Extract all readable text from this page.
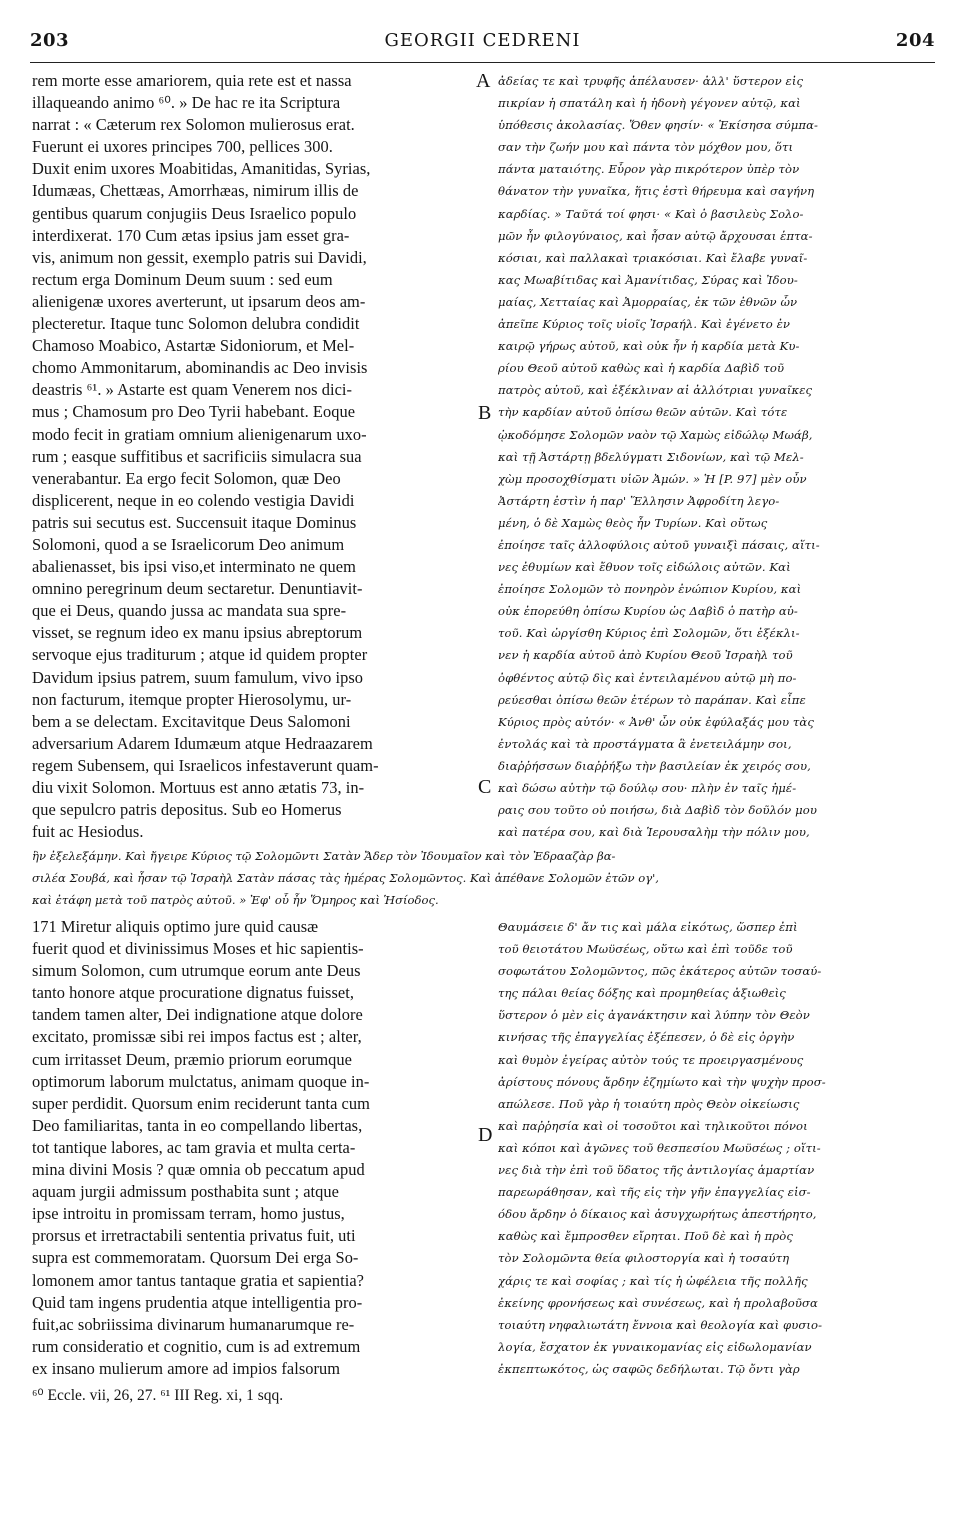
203	GEORGII CEDRENI	204
rem morte esse amariorem, quia rete est et nassa
illaqueando animo ⁶⁰. » De hac re ita Scriptura
narrat : « Cæterum rex Solomon mulierosus erat.
Fuerunt ei uxores principes 700, pellices 300.
Duxit enim uxores Moabitidas, Amanitidas, Syrias,
Idumæas, Chettæas, Amorrhæas, nimirum illis de
gentibus quarum conjugiis Deus Israelico populo
interdixerat. 170 Cum ætas ipsius jam esset gra-
vis, animum non gessit, exemplo patris sui Davidi,
rectum erga Dominum Deum suum : sed eum
alienigenæ uxores averterunt, ut ipsarum deos am-
plecteretur. Itaque tunc Solomon delubra condidit
Chamoso Moabico, Astartæ Sidoniorum, et Mel-
chomo Ammonitarum, abominandis ac Deo invisis
deastris ⁶¹. » Astarte est quam Venerem nos dici-
mus ; Chamosum pro Deo Tyrii habebant. Eoque
modo fecit in gratiam omnium alienigenarum uxo-
rum ; easque suffitibus et sacrificiis simulacra sua
venerabantur. Ea ergo fecit Solomon, quæ Deo
displicerent, neque in eo colendo vestigia Davidi
patris sui secutus est. Succensuit itaque Dominus
Solomoni, quod a se Israelicorum Deo animum
abalienasset, bis ipsi viso,et interminato ne quem
omnino peregrinum deum sectaretur. Denuntiavit-
que ei Deus, quando jussa ac mandata sua spre-
visset, se regnum ideo ex manu ipsius abreptorum
servoque ejus traditurum ; atque id quidem propter
Davidum ipsius patrem, suum famulum, vivo ipso
non facturum, itemque propter Hierosolymu, ur-
bem a se delectam. Excitavitque Deus Salomoni
adversarium Adarem Idumæum atque Hedraazarem
regem Subensem, qui Israelicos infestaverunt quam-
diu vixit Solomon. Mortuus est anno ætatis 73, in-
que sepulcro patris depositus. Sub eo Homerus
fuit ac Hesiodus.
ἀδείας τε καὶ τρυφῆς ἀπέλαυσεν· ἀλλ' ὕστερον εἰς
πικρίαν ἡ σπατάλη καὶ ἡ ἡδονὴ γέγονεν αὐτῷ, καὶ
ὑπόθεσις ἀκολασίας. Ὅθεν φησίν· « Ἐκίσησα σύμπα-
σαν τὴν ζωήν μου καὶ πάντα τὸν μόχθον μου, ὅτι
πάντα ματαιότης. Εὗρον γὰρ πικρότερον ὑπὲρ τὸν
θάνατον τὴν γυναῖκα, ἥτις ἐστὶ θήρευμα καὶ σαγήνη
καρδίας. » Ταῦτά τοί φησι· « Καὶ ὁ βασιλεὺς Σολο-
μῶν ἦν φιλογύναιος, καὶ ἦσαν αὐτῷ ἄρχουσαι ἑπτα-
κόσιαι, καὶ παλλακαὶ τριακόσιαι. Καὶ ἔλαβε γυναῖ-
κας Μωαβίτιδας καὶ Ἀμανίτιδας, Σύρας καὶ Ἰδου-
μαίας, Χετταίας καὶ Ἀμορραίας, ἐκ τῶν ἐθνῶν ὧν
ἀπεῖπε Κύριος τοῖς υἱοῖς Ἰσραήλ. Καὶ ἐγένετο ἐν
καιρῷ γήρως αὐτοῦ, καὶ οὐκ ἦν ἡ καρδία μετὰ Κυ-
ρίου Θεοῦ αὐτοῦ καθὼς καὶ ἡ καρδία Δαβὶδ τοῦ
πατρὸς αὐτοῦ, καὶ ἐξέκλιναν αἱ ἀλλότριαι γυναῖκες
τὴν καρδίαν αὐτοῦ ὀπίσω θεῶν αὐτῶν. Καὶ τότε
ᾠκοδόμησε Σολομῶν ναὸν τῷ Χαμὼς εἰδώλῳ Μωάβ,
καὶ τῇ Ἀστάρτῃ βδελύγματι Σιδονίων, καὶ τῷ Μελ-
χὼμ προσοχθίσματι υἱῶν Ἀμών. » Ἡ [P. 97] μὲν οὖν
Ἀστάρτη ἐστὶν ἡ παρ' Ἕλλησιν Ἀφροδίτη λεγο-
μένη, ὁ δὲ Χαμὼς θεὸς ἦν Τυρίων. Καὶ οὕτως
ἐποίησε ταῖς ἀλλοφύλοις αὐτοῦ γυναιξὶ πάσαις, αἵτι-
νες ἐθυμίων καὶ ἔθυον τοῖς εἰδώλοις αὐτῶν. Καὶ
ἐποίησε Σολομῶν τὸ πονηρὸν ἐνώπιον Κυρίου, καὶ
οὐκ ἐπορεύθη ὀπίσω Κυρίου ὡς Δαβὶδ ὁ πατὴρ αὐ-
τοῦ. Καὶ ὠργίσθη Κύριος ἐπὶ Σολομῶν, ὅτι ἐξέκλι-
νεν ἡ καρδία αὐτοῦ ἀπὸ Κυρίου Θεοῦ Ἰσραὴλ τοῦ
ὀφθέντος αὐτῷ δὶς καὶ ἐντειλαμένου αὐτῷ μὴ πο-
ρεύεσθαι ὀπίσω θεῶν ἑτέρων τὸ παράπαν. Καὶ εἶπε
Κύριος πρὸς αὐτόν· « Ἀνθ' ὧν οὐκ ἐφύλαξάς μου τὰς
ἐντολάς καὶ τὰ προστάγματα ἃ ἐνετειλάμην σοι,
διαῤῥήσσων διαῤῥήξω τὴν βασιλείαν ἐκ χειρός σου,
καὶ δώσω αὐτὴν τῷ δούλῳ σου· πλὴν ἐν ταῖς ἡμέ-
ραις σου τοῦτο οὐ ποιήσω, διὰ Δαβὶδ τὸν δοῦλόν μου
καὶ πατέρα σου, καὶ διὰ Ἱερουσαλὴμ τὴν πόλιν μου,
A
B
C
D
ἣν ἐξελεξάμην. Καὶ ἤγειρε Κύριος τῷ Σολομῶντι Σατὰν Ἄδερ τὸν Ἰδουμαῖον καὶ τὸν Ἐδρααζὰρ βα-
σιλέα Σουβά, καὶ ἦσαν τῷ Ἰσραὴλ Σατὰν πάσας τὰς ἡμέρας Σολομῶντος. Καὶ ἀπέθανε Σολομῶν ἐτῶν ογ',
καὶ ἐτάφη μετὰ τοῦ πατρὸς αὐτοῦ. » Ἐφ' οὗ ἦν Ὅμηρος καὶ Ἡσίοδος.
171 Miretur aliquis optimo jure quid causæ
fuerit quod et divinissimus Moses et hic sapientis-
simum Solomon, cum utrumque eorum ante Deus
tanto honore atque procuratione dignatus fuisset,
tandem tamen alter, Dei indignatione atque dolore
excitato, promissæ sibi rei impos factus est ; alter,
cum irritasset Deum, præmio priorum eorumque
optimorum laborum mulctatus, animam quoque in-
super perdidit. Quorsum enim reciderunt tanta cum
Deo familiaritas, tanta in eo compellando libertas,
tot tantique labores, ac tam gravia et multa certa-
mina divini Mosis ? quæ omnia ob peccatum apud
aquam jurgii admissum posthabita sunt ; atque
ipse introitu in promissam terram, homo justus,
prorsus et irretractabili sententia privatus fuit, uti
supra est commemoratam. Quorsum Dei erga So-
lomonem amor tantus tantaque gratia et sapientia?
Quid tam ingens prudentia atque intelligentia pro-
fuit,ac sobriissima divinarum humanarumque re-
rum consideratio et cognitio, cum is ad extremum
ex insano mulierum amore ad impios falsorum
Θαυμάσειε δ' ἄν τις καὶ μάλα εἰκότως, ὥσπερ ἐπὶ
τοῦ θειοτάτου Μωϋσέως, οὕτω καὶ ἐπὶ τοῦδε τοῦ
σοφωτάτου Σολομῶντος, πῶς ἑκάτερος αὐτῶν τοσαύ-
της πάλαι θείας δόξης καὶ προμηθείας ἀξιωθεὶς
ὕστερον ὁ μὲν εἰς ἀγανάκτησιν καὶ λύπην τὸν Θεὸν
κινήσας τῆς ἐπαγγελίας ἐξέπεσεν, ὁ δὲ εἰς ὀργὴν
καὶ θυμὸν ἐγείρας αὐτὸν τούς τε προειργασμένους
ἀρίστους πόνους ἄρδην ἐζημίωτο καὶ τὴν ψυχὴν προσ-
απώλεσε. Ποῦ γὰρ ἡ τοιαύτη πρὸς Θεὸν οἰκείωσις
καὶ παῤῥησία καὶ οἱ τοσοῦτοι καὶ τηλικοῦτοι πόνοι
καὶ κόποι καὶ ἀγῶνες τοῦ θεσπεσίου Μωϋσέως ; οἵτι-
νες διὰ τὴν ἐπὶ τοῦ ὕδατος τῆς ἀντιλογίας ἁμαρτίαν
παρεωράθησαν, καὶ τῆς εἰς τὴν γῆν ἐπαγγελίας εἰσ-
όδου ἄρδην ὁ δίκαιος καὶ ἀσυγχωρήτως ἀπεστήρητο,
καθὼς καὶ ἔμπροσθεν εἴρηται. Ποῦ δὲ καὶ ἡ πρὸς
τὸν Σολομῶντα θεία φιλοστοργία καὶ ἡ τοσαύτη
χάρις τε καὶ σοφίας ; καὶ τίς ἡ ὠφέλεια τῆς πολλῆς
ἐκείνης φρονήσεως καὶ συνέσεως, καὶ ἡ προλαβοῦσα
τοιαύτη νηφαλιωτάτη ἔννοια καὶ θεολογία καὶ φυσιο-
λογία, ἔσχατον ἐκ γυναικομανίας εἰς εἰδωλομανίαν
ἐκπεπτωκότος, ὡς σαφῶς δεδήλωται. Τῷ ὄντι γὰρ
⁶⁰ Eccle. vii, 26, 27. ⁶¹ III Reg. xi, 1 sqq.
